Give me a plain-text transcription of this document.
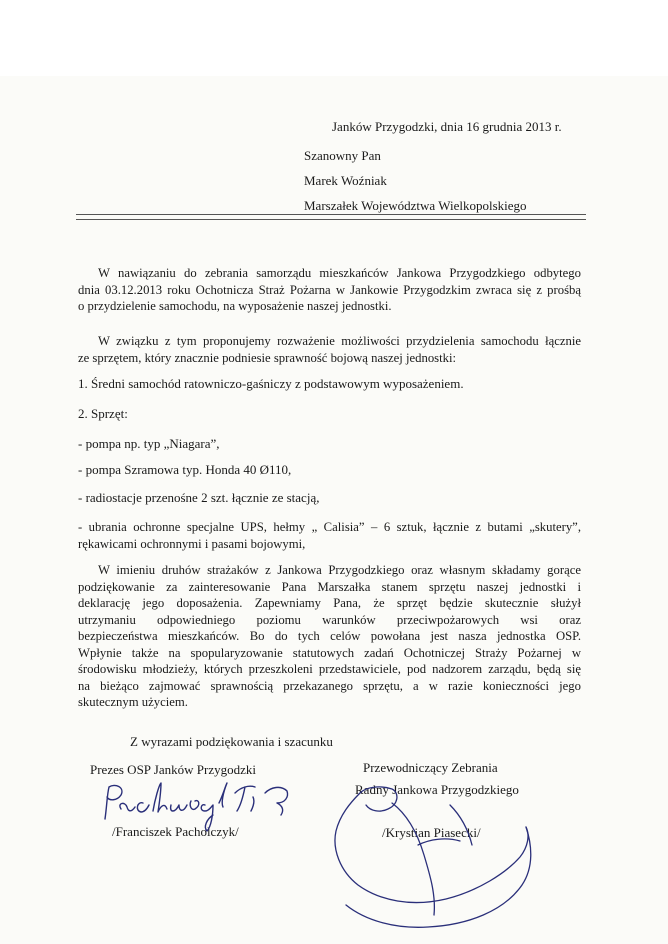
Janków Przygodzki, dnia 16 grudnia 2013 r.
Szanowny Pan
Marek Woźniak
Marszałek Województwa Wielkopolskiego
W nawiązaniu do zebrania samorządu mieszkańców Jankowa Przygodzkiego odbytego
dnia 03.12.2013 roku Ochotnicza Straż Pożarna w Jankowie Przygodzkim zwraca się z prośbą
o przydzielenie samochodu, na wyposażenie naszej jednostki.
W związku z tym proponujemy rozważenie możliwości przydzielenia samochodu łącznie
ze sprzętem, który znacznie podniesie sprawność bojową naszej jednostki:
1. Średni samochód ratowniczo-gaśniczy z podstawowym wyposażeniem.
2. Sprzęt:
- pompa np. typ „Niagara”,
- pompa Szramowa typ. Honda 40 Ø110,
- radiostacje przenośne 2 szt. łącznie ze stacją,
- ubrania ochronne specjalne UPS, hełmy „ Calisia” – 6 sztuk, łącznie z butami „skutery”,
rękawicami ochronnymi i pasami bojowymi,
W imieniu druhów strażaków z Jankowa Przygodzkiego oraz własnym składamy gorące
podziękowanie za zainteresowanie Pana Marszałka stanem sprzętu naszej jednostki i
deklarację jego doposażenia. Zapewniamy Pana, że sprzęt będzie skutecznie służył
utrzymaniu odpowiedniego poziomu warunków przeciwpożarowych wsi oraz
bezpieczeństwa mieszkańców. Bo do tych celów powołana jest nasza jednostka OSP.
Wpłynie także na spopularyzowanie statutowych zadań Ochotniczej Straży Pożarnej w
środowisku młodzieży, których przeszkoleni przedstawiciele, pod nadzorem zarządu, będą się
na bieżąco zajmować sprawnością przekazanego sprzętu, a w razie konieczności jego
skutecznym użyciem.
Z wyrazami podziękowania i szacunku
Prezes OSP Janków Przygodzki
/Franciszek Pacholczyk/
Przewodniczący Zebrania
Radny Jankowa Przygodzkiego
/Krystian Piasecki/
